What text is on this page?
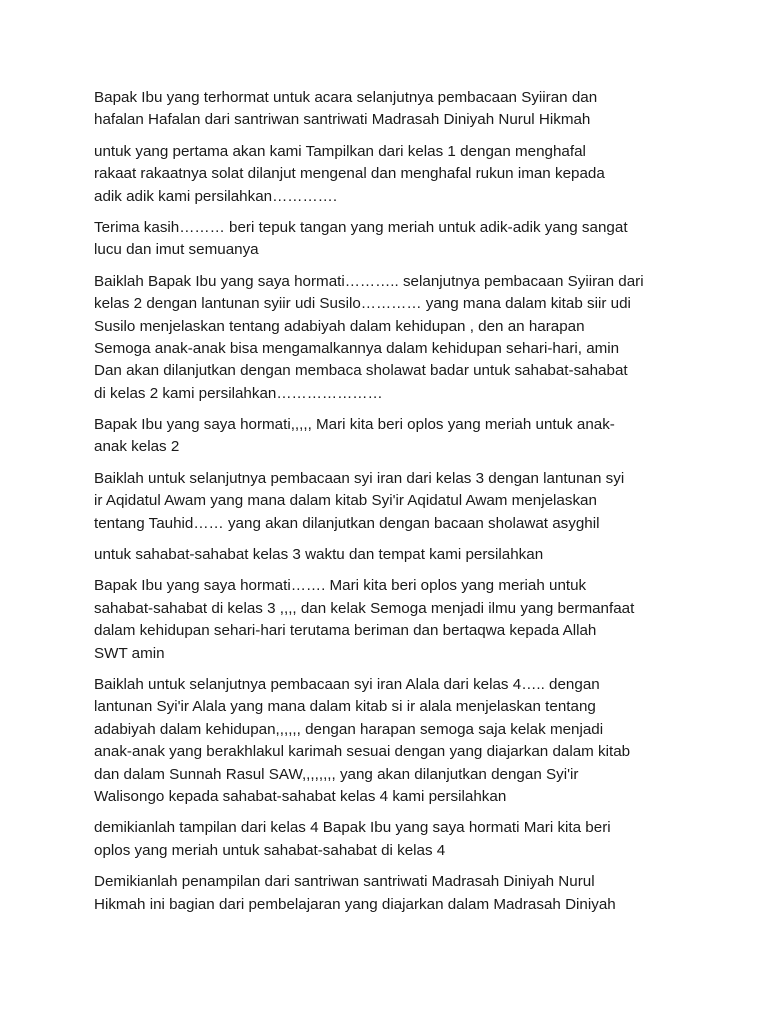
Bapak Ibu yang terhormat untuk acara selanjutnya pembacaan Syiiran dan
hafalan Hafalan dari santriwan santriwati Madrasah Diniyah Nurul Hikmah

untuk yang pertama akan kami Tampilkan dari kelas 1 dengan menghafal
rakaat rakaatnya solat dilanjut mengenal dan menghafal rukun iman kepada
adik adik kami persilahkan………….

Terima kasih……… beri tepuk tangan yang meriah untuk adik-adik yang sangat
lucu dan imut semuanya

Baiklah Bapak Ibu yang saya hormati……….. selanjutnya pembacaan Syiiran dari
kelas 2 dengan lantunan syiir udi Susilo………… yang mana dalam kitab siir udi
Susilo menjelaskan tentang adabiyah dalam kehidupan , den an harapan
Semoga anak-anak bisa mengamalkannya dalam kehidupan sehari-hari, amin
Dan akan dilanjutkan dengan membaca sholawat badar untuk sahabat-sahabat
di kelas 2 kami persilahkan…………………

Bapak Ibu yang saya hormati,,,,, Mari kita beri oplos yang meriah untuk anak-
anak kelas 2

Baiklah untuk selanjutnya pembacaan syi iran dari kelas 3 dengan lantunan syi
ir Aqidatul Awam yang mana dalam kitab Syi'ir Aqidatul Awam menjelaskan
tentang Tauhid…… yang akan dilanjutkan dengan bacaan sholawat asyghil

untuk sahabat-sahabat kelas 3 waktu dan tempat kami persilahkan

Bapak Ibu yang saya hormati……. Mari kita beri oplos yang meriah untuk
sahabat-sahabat di kelas 3 ,,,, dan kelak Semoga menjadi ilmu yang bermanfaat
dalam kehidupan sehari-hari terutama beriman dan bertaqwa kepada Allah
SWT amin

Baiklah untuk selanjutnya pembacaan syi iran Alala dari kelas 4….. dengan
lantunan Syi'ir Alala yang mana dalam kitab si ir alala menjelaskan tentang
adabiyah dalam kehidupan,,,,,, dengan harapan semoga saja kelak menjadi
anak-anak yang berakhlakul karimah sesuai dengan yang diajarkan dalam kitab
dan dalam Sunnah Rasul SAW,,,,,,,, yang akan dilanjutkan dengan Syi'ir
Walisongo kepada sahabat-sahabat kelas 4 kami persilahkan

demikianlah tampilan dari kelas 4 Bapak Ibu yang saya hormati Mari kita beri
oplos yang meriah untuk sahabat-sahabat di kelas 4

Demikianlah penampilan dari santriwan santriwati Madrasah Diniyah Nurul
Hikmah ini bagian dari pembelajaran yang diajarkan dalam Madrasah Diniyah
